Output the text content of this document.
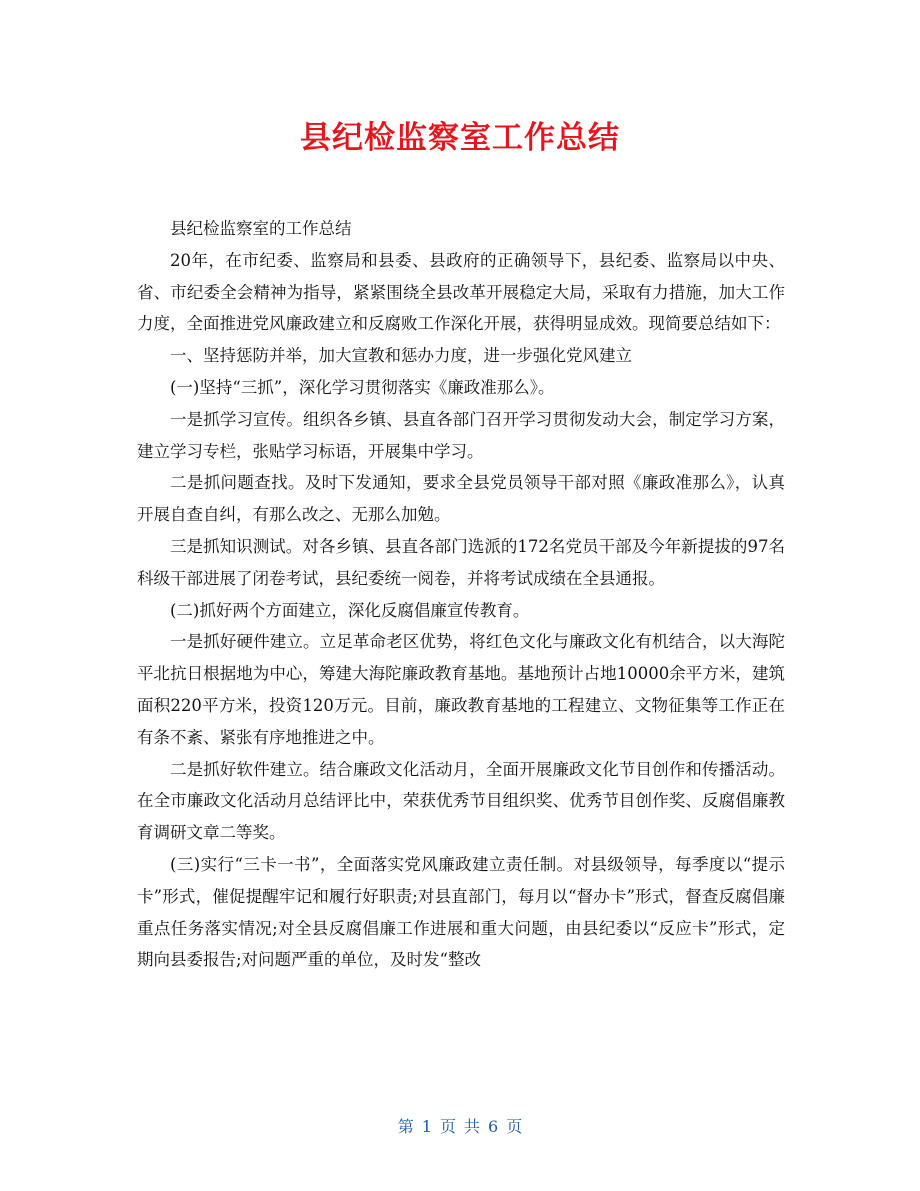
县纪检监察室工作总结

县纪检监察室的工作总结

20年，在市纪委、监察局和县委、县政府的正确领导下，县纪委、监察局以中央、省、市纪委全会精神为指导，紧紧围绕全县改革开展稳定大局，采取有力措施，加大工作力度，全面推进党风廉政建立和反腐败工作深化开展，获得明显成效。现简要总结如下：

一、坚持惩防并举，加大宣教和惩办力度，进一步强化党风建立

(一)坚持“三抓”，深化学习贯彻落实《廉政准那么》。

一是抓学习宣传。组织各乡镇、县直各部门召开学习贯彻发动大会，制定学习方案，建立学习专栏，张贴学习标语，开展集中学习。

二是抓问题查找。及时下发通知，要求全县党员领导干部对照《廉政准那么》，认真开展自查自纠，有那么改之、无那么加勉。

三是抓知识测试。对各乡镇、县直各部门选派的172名党员干部及今年新提拔的97名科级干部进展了闭卷考试，县纪委统一阅卷，并将考试成绩在全县通报。

(二)抓好两个方面建立，深化反腐倡廉宣传教育。

一是抓好硬件建立。立足革命老区优势，将红色文化与廉政文化有机结合，以大海陀平北抗日根据地为中心，筹建大海陀廉政教育基地。基地预计占地10000余平方米，建筑面积220平方米，投资120万元。目前，廉政教育基地的工程建立、文物征集等工作正在有条不紊、紧张有序地推进之中。

二是抓好软件建立。结合廉政文化活动月，全面开展廉政文化节目创作和传播活动。在全市廉政文化活动月总结评比中，荣获优秀节目组织奖、优秀节目创作奖、反腐倡廉教育调研文章二等奖。

(三)实行“三卡一书”，全面落实党风廉政建立责任制。对县级领导，每季度以“提示卡”形式，催促提醒牢记和履行好职责;对县直部门，每月以“督办卡”形式，督查反腐倡廉重点任务落实情况;对全县反腐倡廉工作进展和重大问题，由县纪委以“反应卡”形式，定期向县委报告;对问题严重的单位，及时发“整改

第 1 页 共 6 页
